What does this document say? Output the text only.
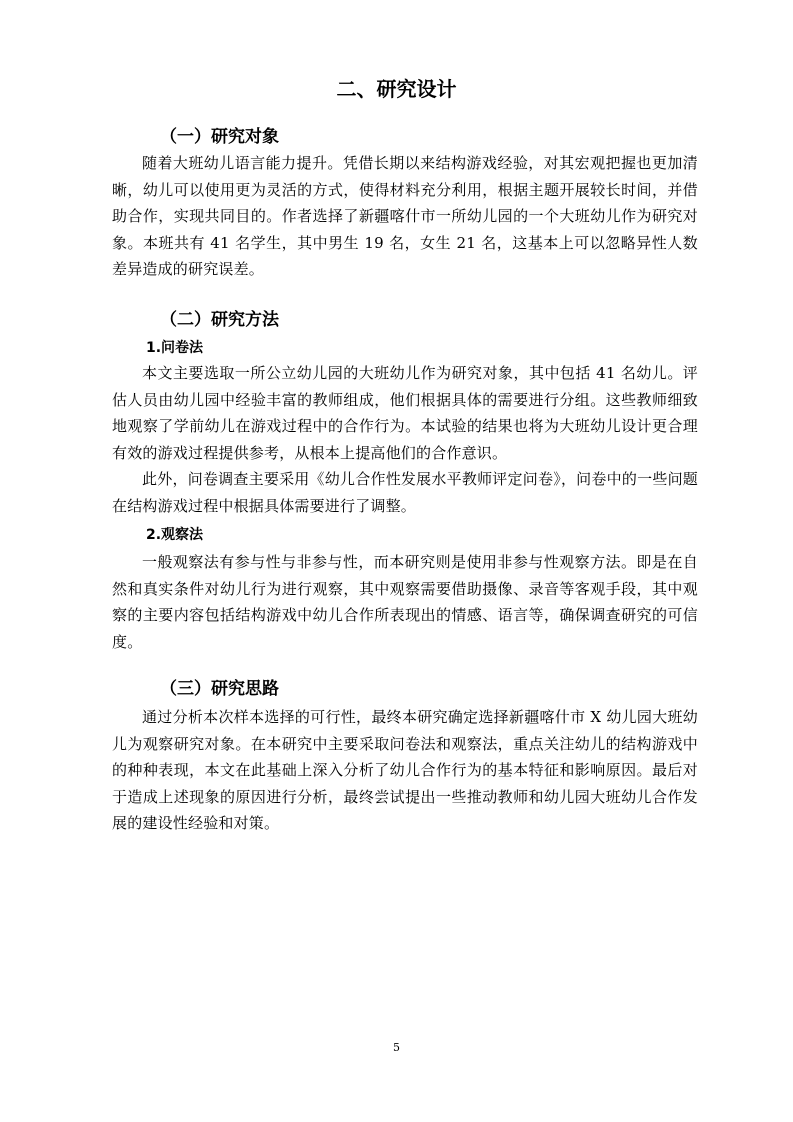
二、研究设计
（一）研究对象

随着大班幼儿语言能力提升。凭借长期以来结构游戏经验，对其宏观把握也更加清晰，幼儿可以使用更为灵活的方式，使得材料充分利用，根据主题开展较长时间，并借助合作，实现共同目的。作者选择了新疆喀什市一所幼儿园的一个大班幼儿作为研究对象。本班共有 41 名学生，其中男生 19 名，女生 21 名，这基本上可以忽略异性人数差异造成的研究误差。

（二）研究方法
1.问卷法

本文主要选取一所公立幼儿园的大班幼儿作为研究对象，其中包括 41 名幼儿。评估人员由幼儿园中经验丰富的教师组成，他们根据具体的需要进行分组。这些教师细致地观察了学前幼儿在游戏过程中的合作行为。本试验的结果也将为大班幼儿设计更合理有效的游戏过程提供参考，从根本上提高他们的合作意识。

此外，问卷调查主要采用《幼儿合作性发展水平教师评定问卷》，问卷中的一些问题在结构游戏过程中根据具体需要进行了调整。

2.观察法

一般观察法有参与性与非参与性，而本研究则是使用非参与性观察方法。即是在自然和真实条件对幼儿行为进行观察，其中观察需要借助摄像、录音等客观手段，其中观察的主要内容包括结构游戏中幼儿合作所表现出的情感、语言等，确保调查研究的可信度。

（三）研究思路

通过分析本次样本选择的可行性，最终本研究确定选择新疆喀什市 X 幼儿园大班幼儿为观察研究对象。在本研究中主要采取问卷法和观察法，重点关注幼儿的结构游戏中的种种表现，本文在此基础上深入分析了幼儿合作行为的基本特征和影响原因。最后对于造成上述现象的原因进行分析，最终尝试提出一些推动教师和幼儿园大班幼儿合作发展的建设性经验和对策。

5
